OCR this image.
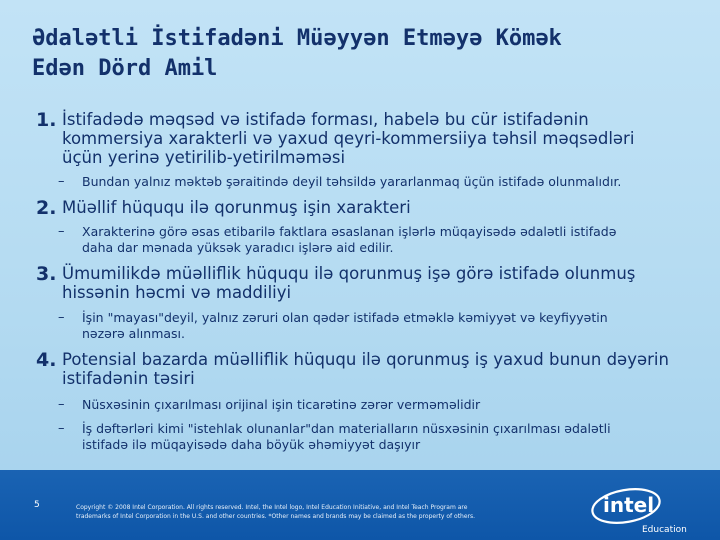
Ədalətli İstifadəni Müəyyən Etməyə Kömək
Edən Dörd Amil
1. İstifadədə məqsəd və istifadə forması, habelə bu cür istifadənin
kommersiya xarakterli və yaxud qeyri-kommersiiya təhsil məqsədləri
üçün yerinə yetirilib-yetirilməməsi
– Bundan yalnız məktəb şəraitində deyil təhsildə yararlanmaq üçün istifadə olunmalıdır.
2. Müəllif hüququ ilə qorunmuş işin xarakteri
– Xarakterinə görə əsas etibarilə faktlara əsaslanan işlərlə müqayisədə ədalətli istifadə
daha dar mənada yüksək yaradıcı işlərə aid edilir.
3. Ümumilikdə müəlliflik hüququ ilə qorunmuş işə görə istifadə olunmuş
hissənin həcmi və maddiliyi
– İşin "mayası"deyil, yalnız zəruri olan qədər istifadə etməklə kəmiyyət və keyfiyyətin
nəzərə alınması.
4. Potensial bazarda müəlliflik hüququ ilə qorunmuş iş yaxud bunun dəyərin
istifadənin təsiri
– Nüsxəsinin çıxarılması orijinal işin ticarətinə zərər verməməlidir
– İş dəftərləri kimi "istehlak olunanlar"dan materialların nüsxəsinin çıxarılması ədalətli
istifadə ilə müqayisədə daha böyük əhəmiyyət daşıyır
5	Copyright © 2008 Intel Corporation. All rights reserved. Intel, the Intel logo, Intel Education Initiative, and Intel Teach Program are
trademarks of Intel Corporation in the U.S. and other countries. *Other names and brands may be claimed as the property of others.	intel
Education
